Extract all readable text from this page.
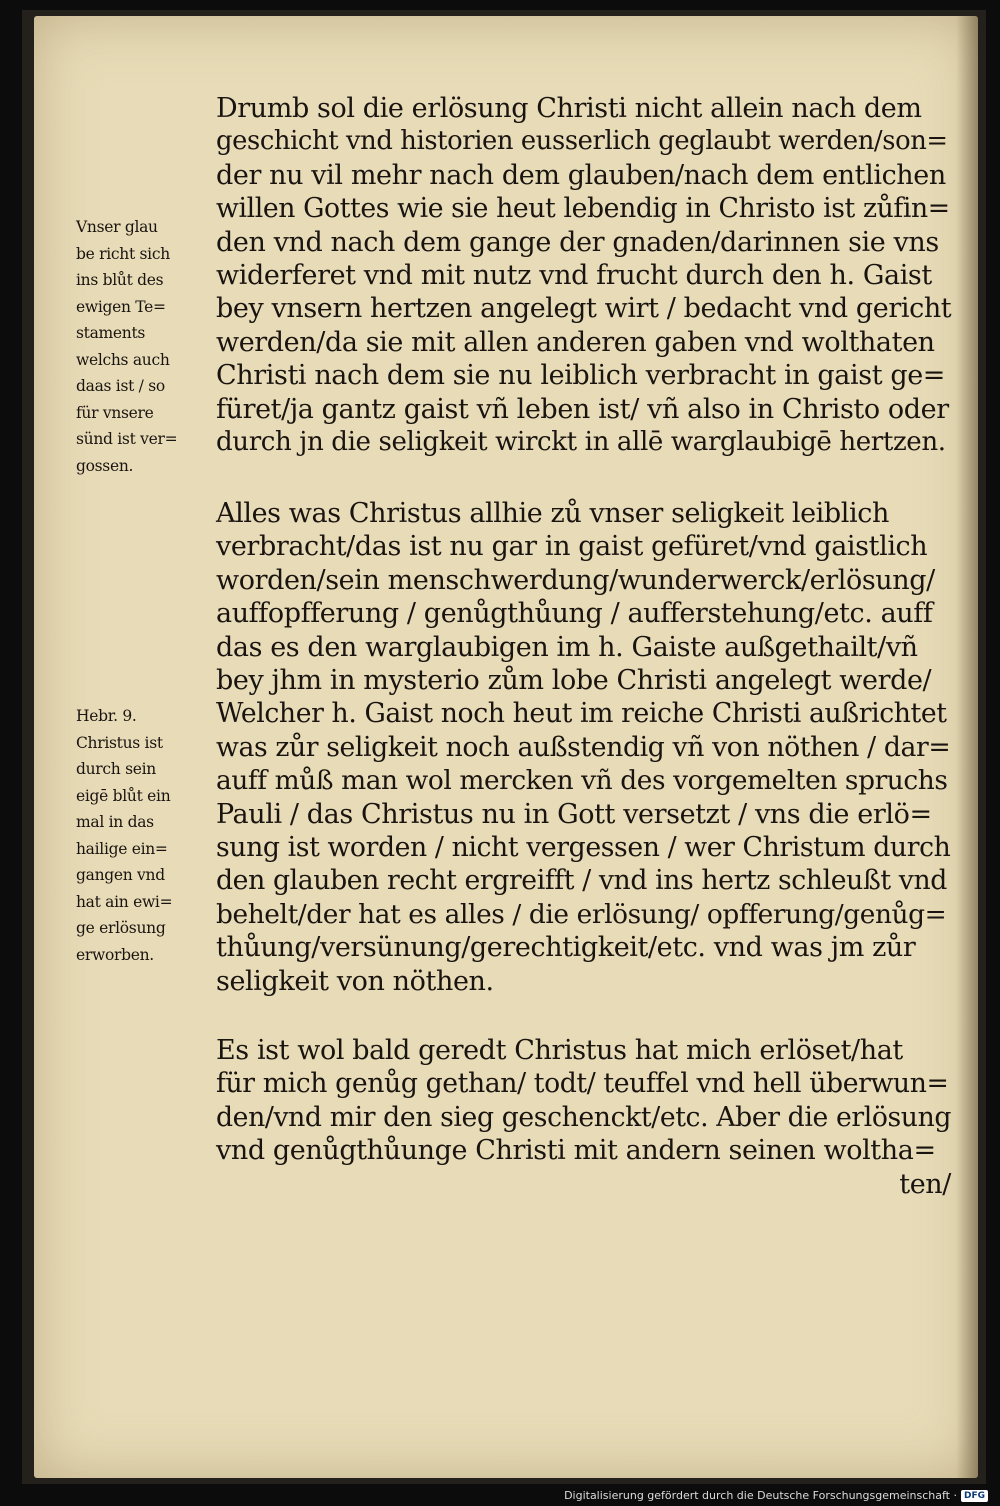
Drumb sol die erlösung Christi nicht allein nach dem
geschicht vnd historien eusserlich geglaubt werden/son=
der nu vil mehr nach dem glauben/nach dem entlichen
willen Gottes wie sie heut lebendig in Christo ist zůfin=
den vnd nach dem gange der gnaden/darinnen sie vns
widerferet vnd mit nutz vnd frucht durch den h. Gaist
bey vnsern hertzen angelegt wirt / bedacht vnd gericht
werden/da sie mit allen anderen gaben vnd wolthaten
Christi nach dem sie nu leiblich verbracht in gaist ge=
füret/ja gantz gaist vñ leben ist/ vñ also in Christo oder
durch jn die seligkeit wirckt in allē warglaubigē hertzen.
Alles was Christus allhie zů vnser seligkeit leiblich
verbracht/das ist nu gar in gaist gefüret/vnd gaistlich
worden/sein menschwerdung/wunderwerck/erlösung/
auffopfferung / genůgthůung / aufferstehung/etc. auff
das es den warglaubigen im h. Gaiste außgethailt/vñ
bey jhm in mysterio zům lobe Christi angelegt werde/
Welcher h. Gaist noch heut im reiche Christi außrichtet
was zůr seligkeit noch außstendig vñ von nöthen / dar=
auff můß man wol mercken vñ des vorgemelten spruchs
Pauli / das Christus nu in Gott versetzt / vns die erlö=
sung ist worden / nicht vergessen / wer Christum durch
den glauben recht ergreifft / vnd ins hertz schleußt vnd
behelt/der hat es alles / die erlösung/ opfferung/genůg=
thůung/versünung/gerechtigkeit/etc. vnd was jm zůr
seligkeit von nöthen.
Es ist wol bald geredt Christus hat mich erlöset/hat
für mich genůg gethan/ todt/ teuffel vnd hell überwun=
den/vnd mir den sieg geschenckt/etc. Aber die erlösung
vnd genůgthůunge Christi mit andern seinen woltha=
ten/
Vnser glau
be richt sich
ins blůt des
ewigen Te=
staments
welchs auch
daas ist / so
für vnsere
sünd ist ver=
gossen.
Hebr. 9.
Christus ist
durch sein
eigē blůt ein
mal in das
hailige ein=
gangen vnd
hat ain ewi=
ge erlösung
erworben.
Digitalisierung gefördert durch die Deutsche Forschungsgemeinschaft · DFG
